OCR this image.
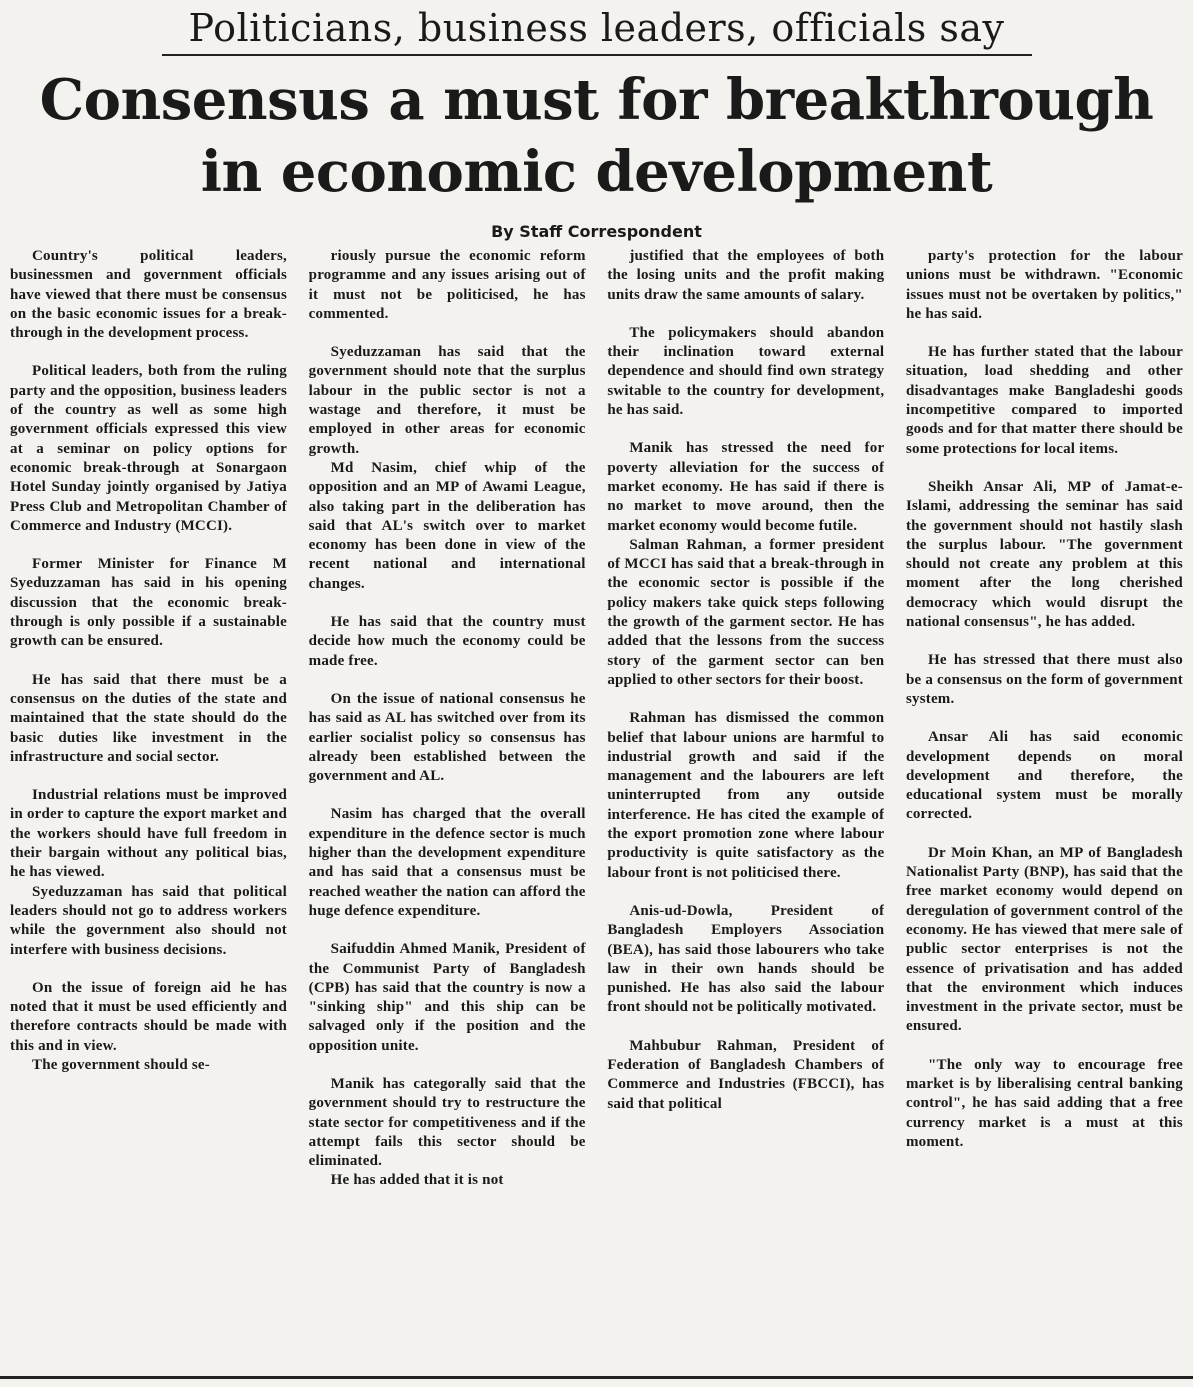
Politicians, business leaders, officials say
Consensus a must for breakthrough
in economic development
By Staff Correspondent

Country's political leaders, businessmen and government officials have viewed that there must be consensus on the basic economic issues for a break-through in the development process.

Political leaders, both from the ruling party and the opposition, business leaders of the country as well as some high government officials expressed this view at a seminar on policy options for economic break-through at Sonargaon Hotel Sunday jointly organised by Jatiya Press Club and Metropolitan Chamber of Commerce and Industry (MCCI).

Former Minister for Finance M Syeduzzaman has said in his opening discussion that the economic break-through is only possible if a sustainable growth can be ensured.

He has said that there must be a consensus on the duties of the state and maintained that the state should do the basic duties like investment in the infrastructure and social sector.

Industrial relations must be improved in order to capture the export market and the workers should have full freedom in their bargain without any political bias, he has viewed.

Syeduzzaman has said that political leaders should not go to address workers while the government also should not interfere with business decisions.

On the issue of foreign aid he has noted that it must be used efficiently and therefore contracts should be made with this and in view.

The government should se-

riously pursue the economic reform programme and any issues arising out of it must not be politicised, he has commented.

Syeduzzaman has said that the government should note that the surplus labour in the public sector is not a wastage and therefore, it must be employed in other areas for economic growth.

Md Nasim, chief whip of the opposition and an MP of Awami League, also taking part in the deliberation has said that AL's switch over to market economy has been done in view of the recent national and international changes.

He has said that the country must decide how much the economy could be made free.

On the issue of national consensus he has said as AL has switched over from its earlier socialist policy so consensus has already been established between the government and AL.

Nasim has charged that the overall expenditure in the defence sector is much higher than the development expenditure and has said that a consensus must be reached weather the nation can afford the huge defence expenditure.

Saifuddin Ahmed Manik, President of the Communist Party of Bangladesh (CPB) has said that the country is now a "sinking ship" and this ship can be salvaged only if the position and the opposition unite.

Manik has categorally said that the government should try to restructure the state sector for competitiveness and if the attempt fails this sector should be eliminated.

He has added that it is not

justified that the employees of both the losing units and the profit making units draw the same amounts of salary.

The policymakers should abandon their inclination toward external dependence and should find own strategy switable to the country for development, he has said.

Manik has stressed the need for poverty alleviation for the success of market economy. He has said if there is no market to move around, then the market economy would become futile.

Salman Rahman, a former president of MCCI has said that a break-through in the economic sector is possible if the policy makers take quick steps following the growth of the garment sector. He has added that the lessons from the success story of the garment sector can ben applied to other sectors for their boost.

Rahman has dismissed the common belief that labour unions are harmful to industrial growth and said if the management and the labourers are left uninterrupted from any outside interference. He has cited the example of the export promotion zone where labour productivity is quite satisfactory as the labour front is not politicised there.

Anis-ud-Dowla, President of Bangladesh Employers Association (BEA), has said those labourers who take law in their own hands should be punished. He has also said the labour front should not be politically motivated.

Mahbubur Rahman, President of Federation of Bangladesh Chambers of Commerce and Industries (FBCCI), has said that political

party's protection for the labour unions must be withdrawn. "Economic issues must not be overtaken by politics," he has said.

He has further stated that the labour situation, load shedding and other disadvantages make Bangladeshi goods incompetitive compared to imported goods and for that matter there should be some protections for local items.

Sheikh Ansar Ali, MP of Jamat-e-Islami, addressing the seminar has said the government should not hastily slash the surplus labour. "The government should not create any problem at this moment after the long cherished democracy which would disrupt the national consensus", he has added.

He has stressed that there must also be a consensus on the form of government system.

Ansar Ali has said economic development depends on moral development and therefore, the educational system must be morally corrected.

Dr Moin Khan, an MP of Bangladesh Nationalist Party (BNP), has said that the free market economy would depend on deregulation of government control of the economy. He has viewed that mere sale of public sector enterprises is not the essence of privatisation and has added that the environment which induces investment in the private sector, must be ensured.

"The only way to encourage free market is by liberalising central banking control", he has said adding that a free currency market is a must at this moment.
